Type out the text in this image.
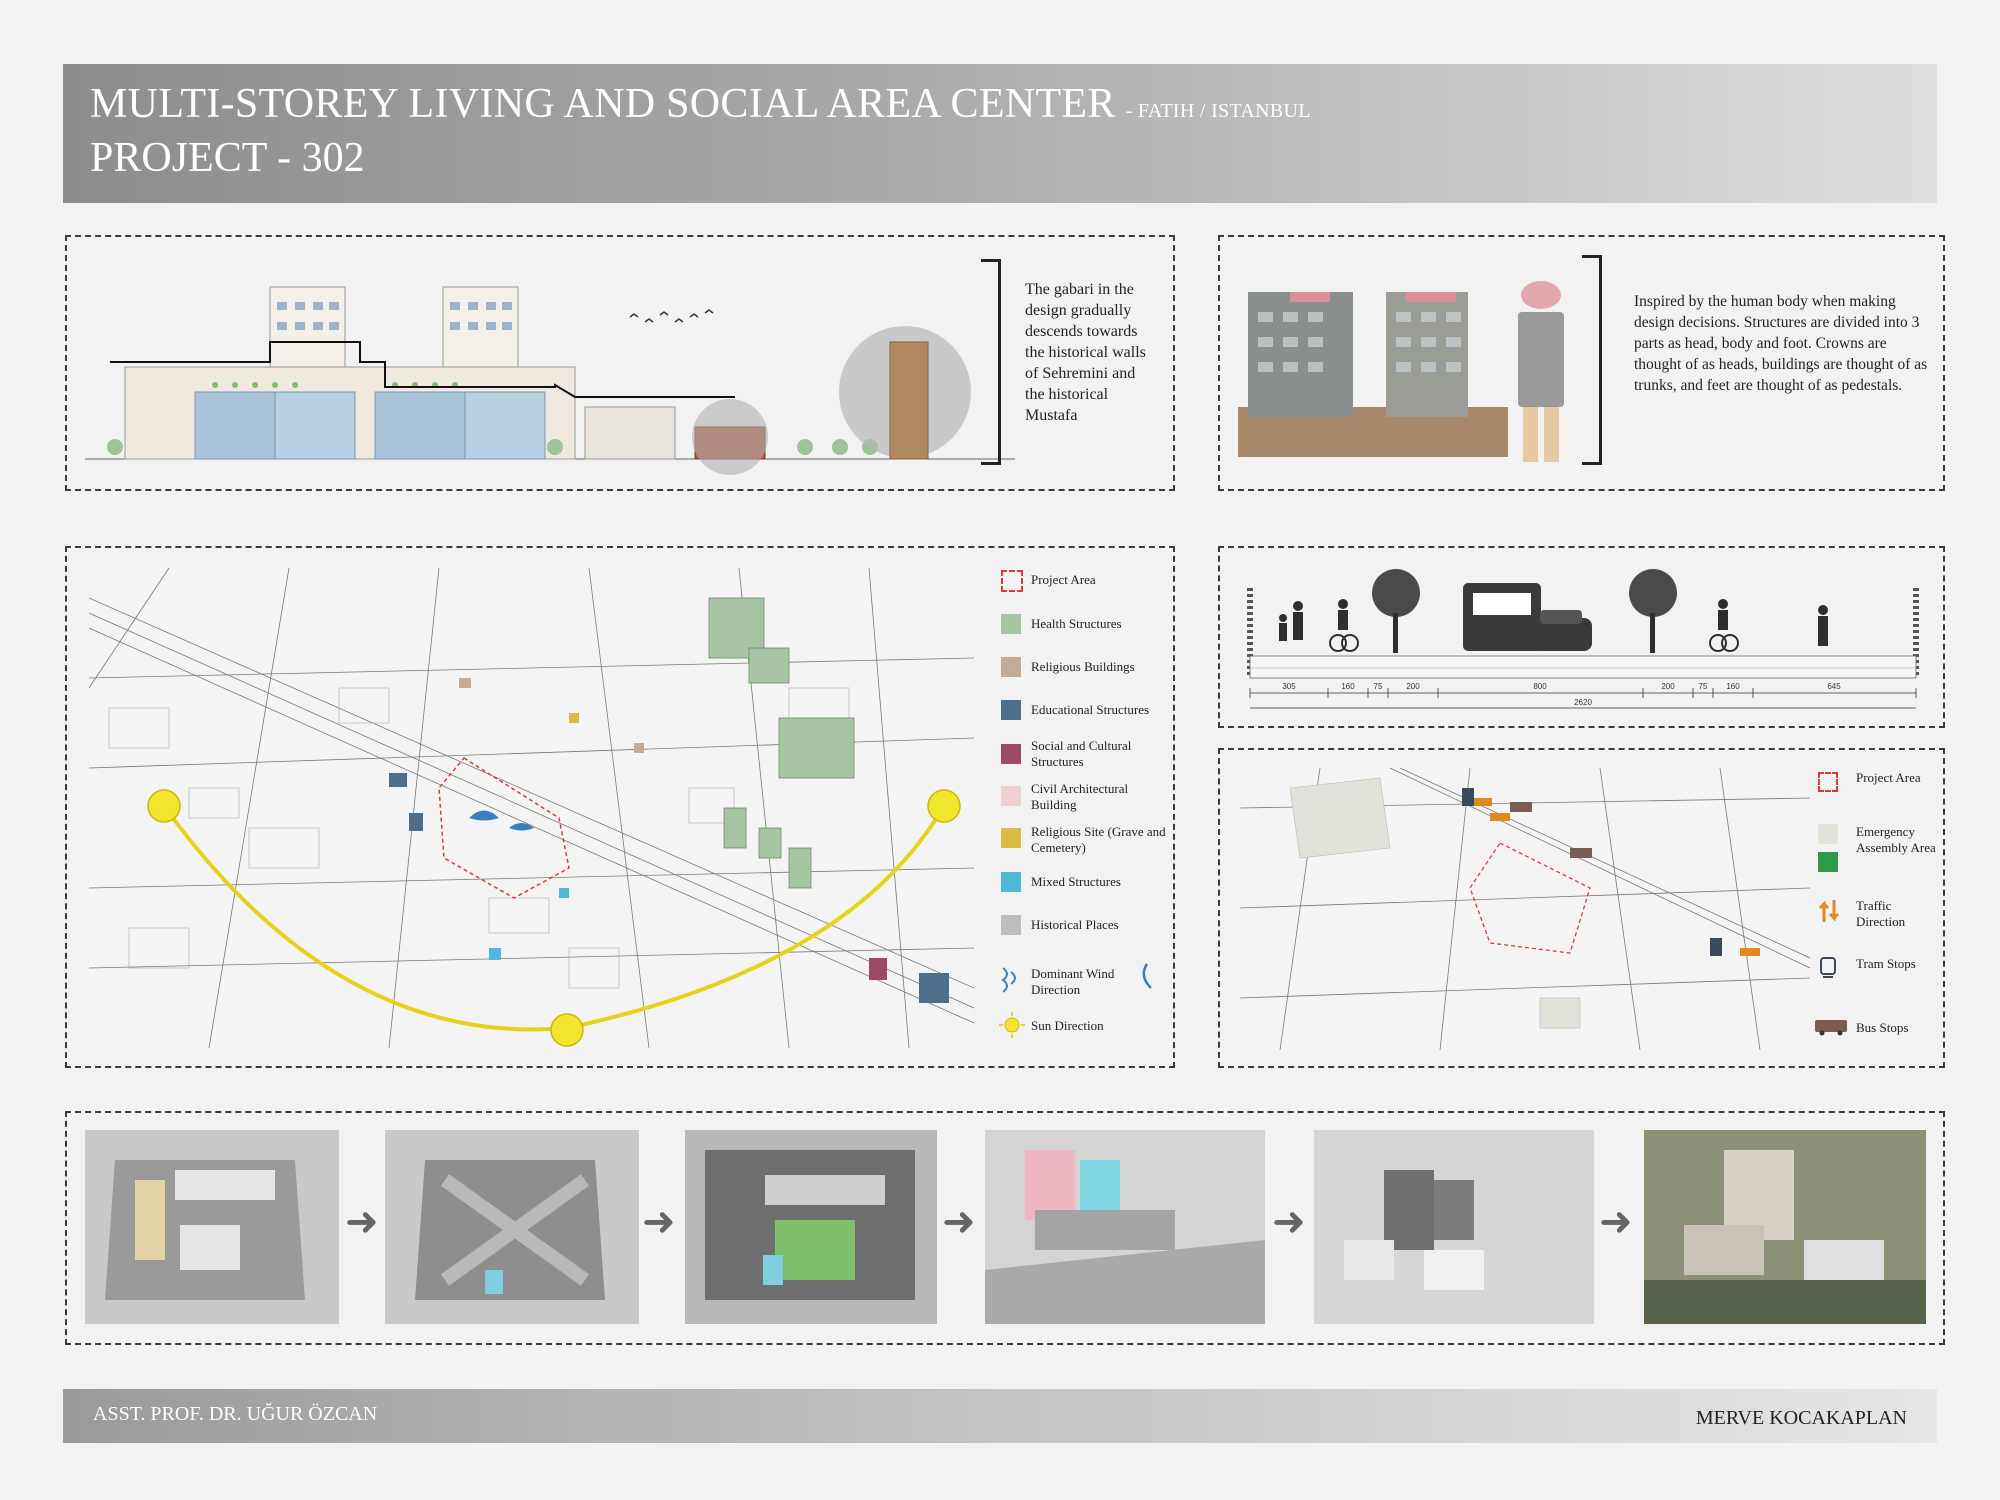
MULTI-STOREY LIVING AND SOCIAL AREA CENTER - FATIH / ISTANBUL
PROJECT - 302
The gabari in the design gradually descends towards the historical walls of Sehremini and the historical Mustafa
Inspired by the human body when making design decisions. Structures are divided into 3 parts as head, body and foot. Crowns are thought of as heads, buildings are thought of as trunks, and feet are thought of as pedestals.
Project Area
Health Structures
Religious Buildings
Educational Structures
Social and Cultural Structures
Civil Architectural Building
Religious Site (Grave and Cemetery)
Mixed Structures
Historical Places
Dominant Wind Direction
Sun Direction
305	160 75	200	800	200	75 160	645
2620
Project Area
Emergency Assembly Area
Traffic Direction
Tram Stops
Bus Stops
➜	➜	➜	➜	➜
ASST. PROF. DR. UĞUR ÖZCAN	MERVE KOCAKAPLAN
